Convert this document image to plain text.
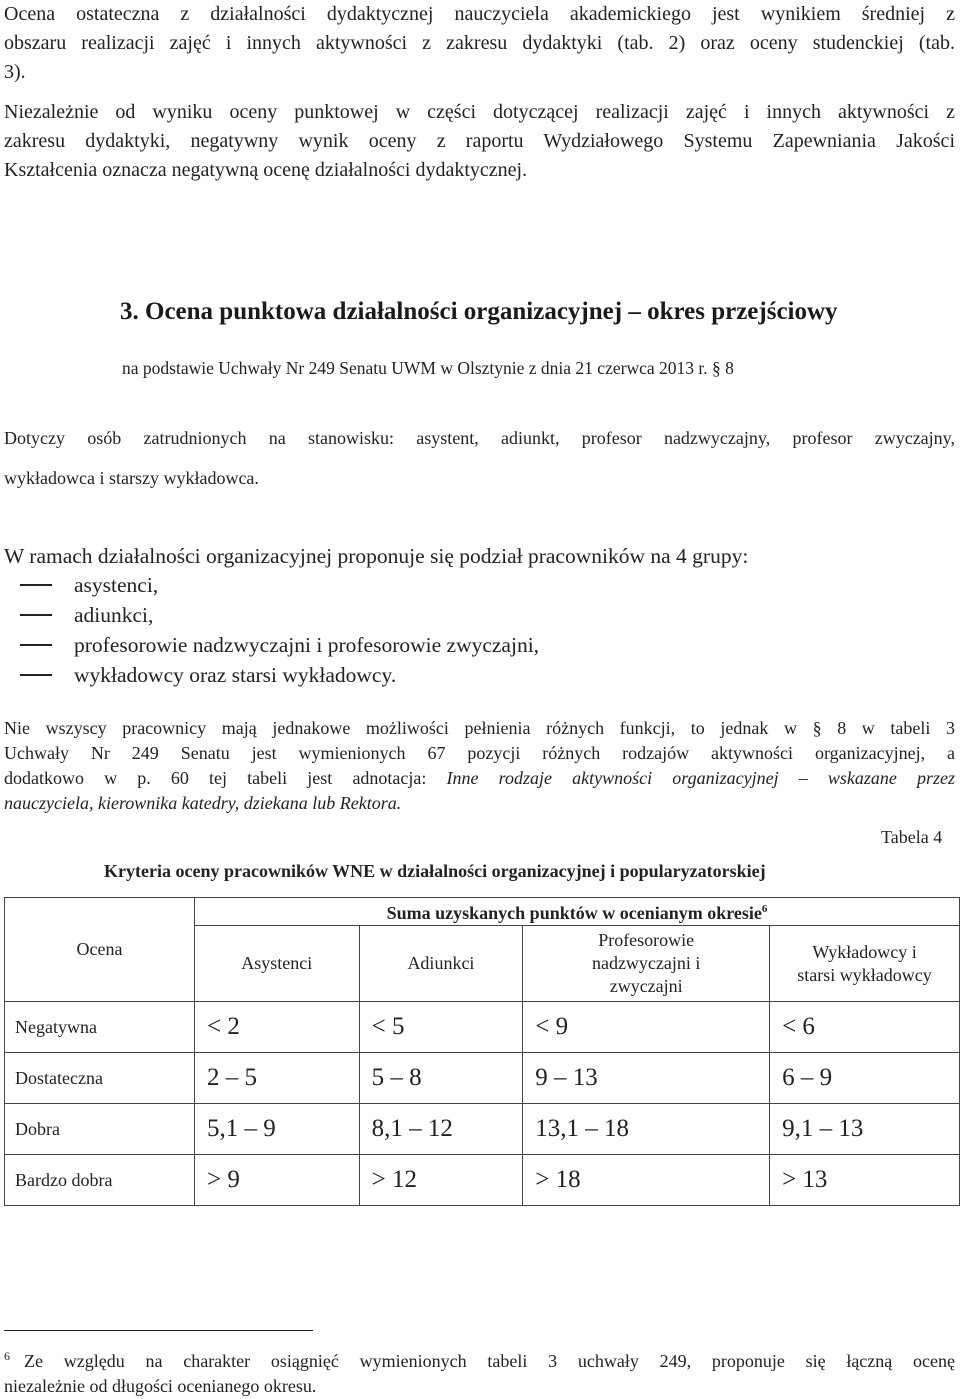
Ocena ostateczna z działalności dydaktycznej nauczyciela akademickiego jest wynikiem średniej z
obszaru realizacji zajęć i innych aktywności z zakresu dydaktyki (tab. 2) oraz oceny studenckiej (tab.
3).
Niezależnie od wyniku oceny punktowej w części dotyczącej realizacji zajęć i innych aktywności z
zakresu dydaktyki, negatywny wynik oceny z raportu Wydziałowego Systemu Zapewniania Jakości
Kształcenia oznacza negatywną ocenę działalności dydaktycznej.
3. Ocena punktowa działalności organizacyjnej – okres przejściowy
na podstawie Uchwały Nr 249 Senatu UWM w Olsztynie z dnia 21 czerwca 2013 r. § 8
Dotyczy osób zatrudnionych na stanowisku: asystent, adiunkt, profesor nadzwyczajny, profesor zwyczajny,
wykładowca i starszy wykładowca.
W ramach działalności organizacyjnej proponuje się podział pracowników na 4 grupy:
asystenci,
adiunkci,
profesorowie nadzwyczajni i profesorowie zwyczajni,
wykładowcy oraz starsi wykładowcy.
Nie wszyscy pracownicy mają jednakowe możliwości pełnienia różnych funkcji, to jednak w § 8 w tabeli 3
Uchwały Nr 249 Senatu jest wymienionych 67 pozycji różnych rodzajów aktywności organizacyjnej, a
dodatkowo w p. 60 tej tabeli jest adnotacja: Inne rodzaje aktywności organizacyjnej – wskazane przez
nauczyciela, kierownika katedry, dziekana lub Rektora.
Tabela 4
Kryteria oceny pracowników WNE w działalności organizacyjnej i popularyzatorskiej
Ocena	Suma uzyskanych punktów w ocenianym okresie$^6$
	Asystenci	Adiunkci	Profesorowie nadzwyczajni i zwyczajni	Wykładowcy i starsi wykładowcy
Negatywna	< 2	< 5	< 9	< 6
Dostateczna	2 – 5	5 – 8	9 – 13	6 – 9
Dobra	5,1 – 9	8,1 – 12	13,1 – 18	9,1 – 13
Bardzo dobra	> 9	> 12	> 18	> 13
$^6$ Ze względu na charakter osiągnięć wymienionych tabeli 3 uchwały 249, proponuje się łączną ocenę
niezależnie od długości ocenianego okresu.
